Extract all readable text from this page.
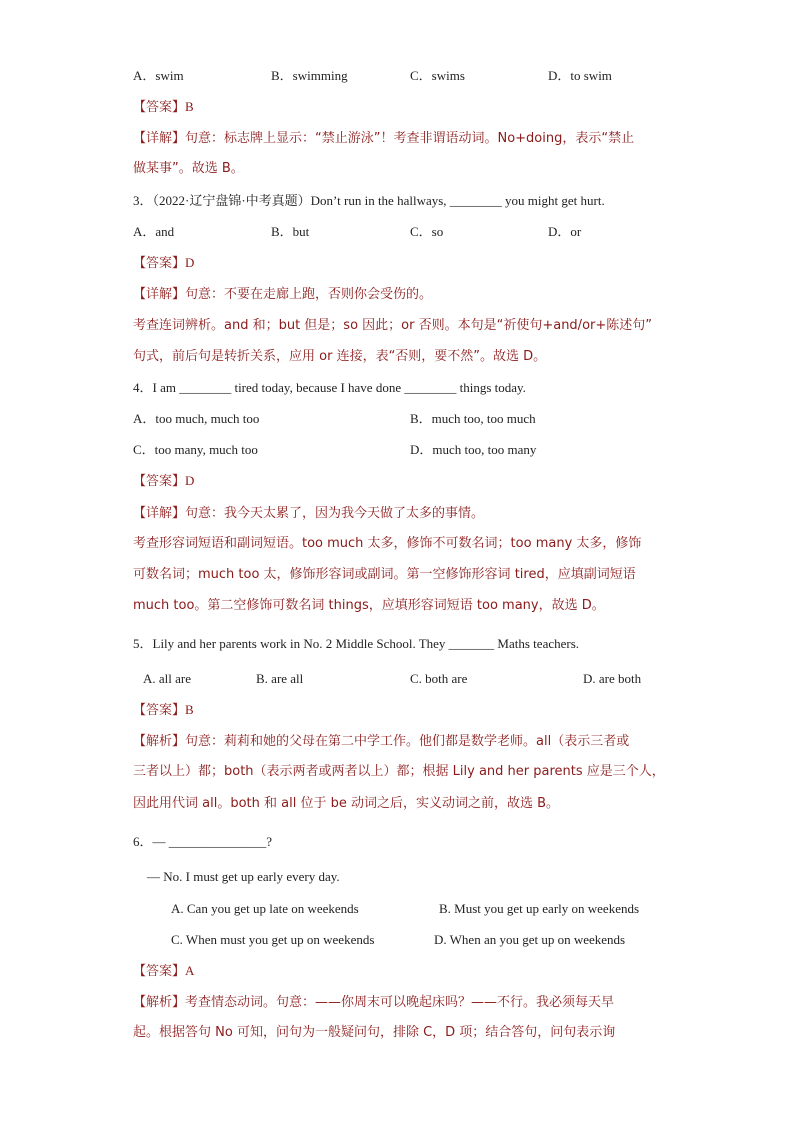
A．swim	B．swimming	C．swims	D．to swim
【答案】B
【详解】句意：标志牌上显示：“禁止游泳”！考查非谓语动词。No+doing，表示“禁止
做某事”。故选 B。
3．（2022·辽宁盘锦·中考真题）Don’t run in the hallways, ________ you might get hurt.
A．and	B．but	C．so	D．or
【答案】D
【详解】句意：不要在走廊上跑，否则你会受伤的。
考查连词辨析。and 和；but 但是；so 因此；or 否则。本句是“祈使句+and/or+陈述句”
句式，前后句是转折关系，应用 or 连接，表“否则，要不然”。故选 D。
4．I am ________ tired today, because I have done ________ things today.
A．too much, much too	B．much too, too much
C．too many, much too	D．much too, too many
【答案】D
【详解】句意：我今天太累了，因为我今天做了太多的事情。
考查形容词短语和副词短语。too much 太多，修饰不可数名词；too many 太多，修饰
可数名词；much too 太，修饰形容词或副词。第一空修饰形容词 tired，应填副词短语
much too。第二空修饰可数名词 things，应填形容词短语 too many，故选 D。
5．Lily and her parents work in No. 2 Middle School. They _______ Maths teachers.
A. all are	B. are all	C. both are	D. are both
【答案】B
【解析】句意：莉莉和她的父母在第二中学工作。他们都是数学老师。all（表示三者或
三者以上）都；both（表示两者或两者以上）都；根据 Lily and her parents 应是三个人，
因此用代词 all。both 和 all 位于 be 动词之后，实义动词之前，故选 B。
6．— _______________?
— No. I must get up early every day.
A. Can you get up late on weekends	B. Must you get up early on weekends
C. When must you get up on weekends	D. When an you get up on weekends
【答案】A
【解析】考查情态动词。句意：——你周末可以晚起床吗？——不行。我必须每天早
起。根据答句 No 可知，问句为一般疑问句，排除 C，D 项；结合答句，问句表示询
